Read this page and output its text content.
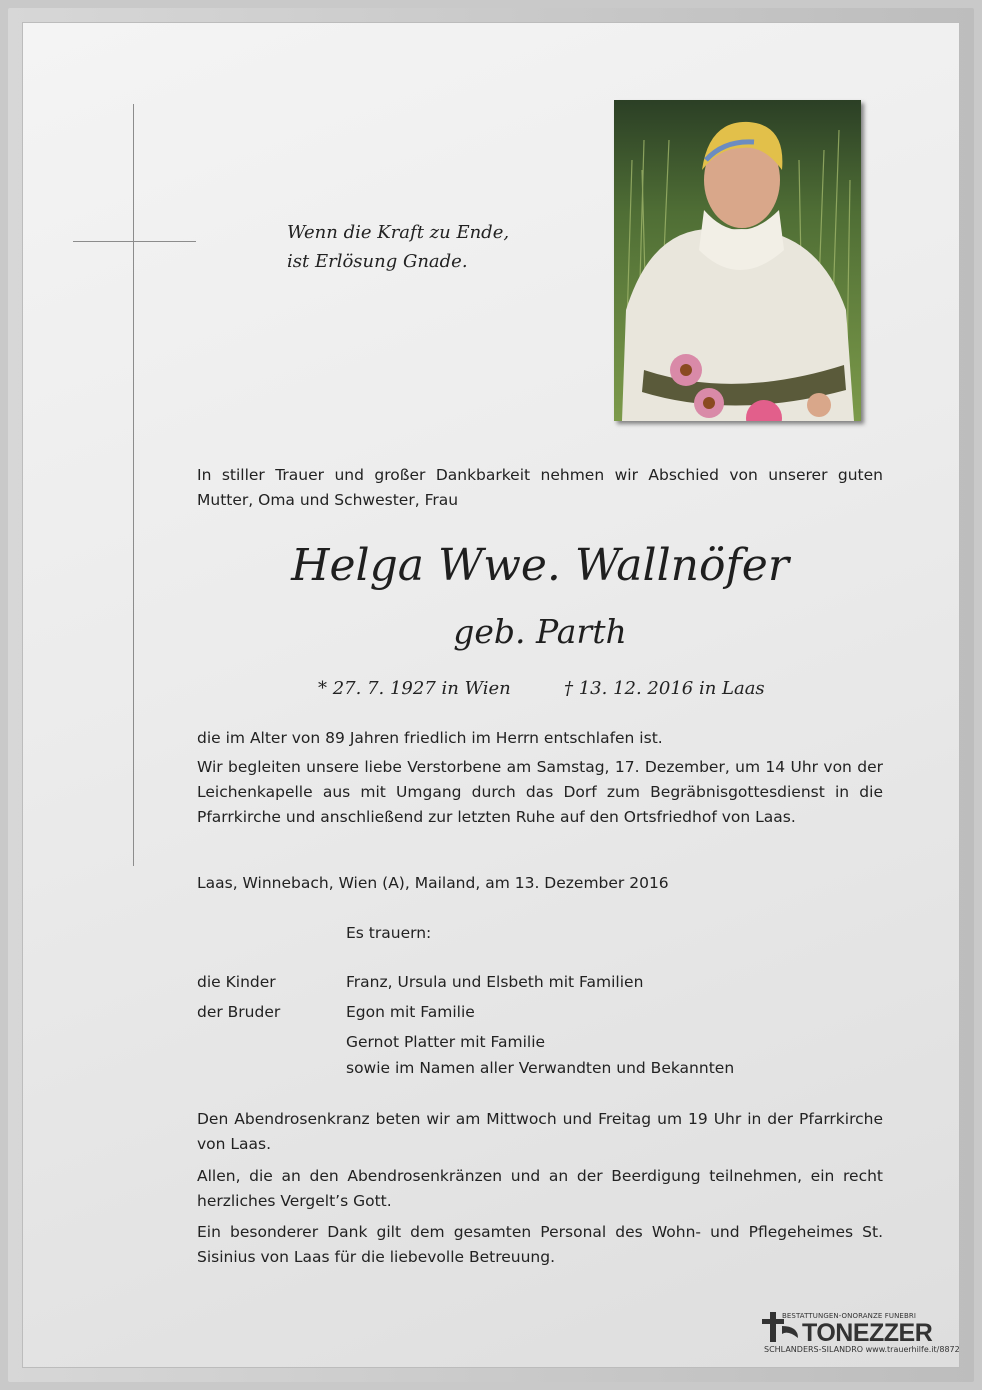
Wenn die Kraft zu Ende,
ist Erlösung Gnade.
In stiller Trauer und großer Dankbarkeit nehmen wir Abschied von unserer guten Mutter, Oma und Schwester, Frau
Helga Wwe. Wallnöfer
geb. Parth
* 27. 7. 1927 in Wien	† 13. 12. 2016 in Laas
die im Alter von 89 Jahren friedlich im Herrn entschlafen ist.
Wir begleiten unsere liebe Verstorbene am Samstag, 17. Dezember, um 14 Uhr von der Leichenkapelle aus mit Umgang durch das Dorf zum Begräbnisgottesdienst in die Pfarrkirche und anschließend zur letzten Ruhe auf den Ortsfriedhof von Laas.
Laas, Winnebach, Wien (A), Mailand, am 13. Dezember 2016
Es trauern:
die Kinder
der Bruder
Franz, Ursula und Elsbeth mit Familien
Egon mit Familie
Gernot Platter mit Familie
sowie im Namen aller Verwandten und Bekannten
Den Abendrosenkranz beten wir am Mittwoch und Freitag um 19 Uhr in der Pfarrkirche von Laas.
Allen, die an den Abendrosenkränzen und an der Beerdigung teilnehmen, ein recht herzliches Vergelt’s Gott.
Ein besonderer Dank gilt dem gesamten Personal des Wohn- und Pflegeheimes St. Sisinius von Laas für die liebevolle Betreuung.
BESTATTUNGEN-ONORANZE FUNEBRI
TONEZZER
SCHLANDERS-SILANDRO www.trauerhilfe.it/8872
